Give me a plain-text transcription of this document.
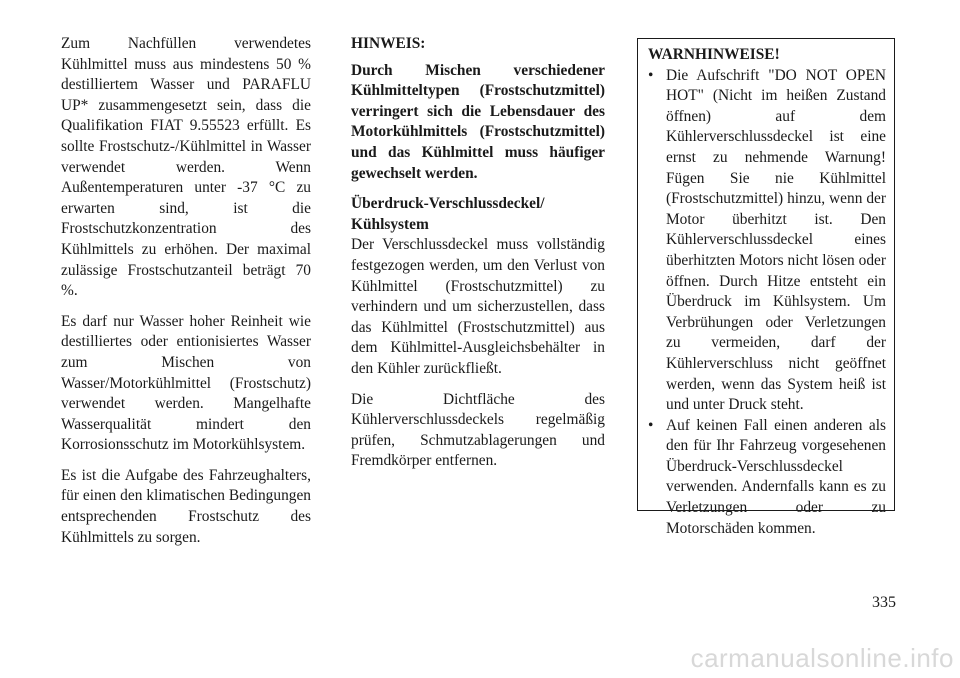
Zum Nachfüllen verwendetes Kühlmittel muss aus mindestens 50 % destilliertem Wasser und PARAFLU UP* zusammengesetzt sein, dass die Qualifikation FIAT 9.55523 erfüllt. Es sollte Frostschutz-/Kühlmittel in Wasser verwendet werden. Wenn Außentemperaturen unter -37 °C zu erwarten sind, ist die Frostschutzkonzentration des Kühlmittels zu erhöhen. Der maximal zulässige Frostschutzanteil beträgt 70 %.

Es darf nur Wasser hoher Reinheit wie destilliertes oder entionisiertes Wasser zum Mischen von Wasser/Motorkühlmittel (Frostschutz) verwendet werden. Mangelhafte Wasserqualität mindert den Korrosionsschutz im Motorkühlsystem.

Es ist die Aufgabe des Fahrzeughalters, für einen den klimatischen Bedingungen entsprechenden Frostschutz des Kühlmittels zu sorgen.

HINWEIS:

Durch Mischen verschiedener Kühlmitteltypen (Frostschutzmittel) verringert sich die Lebensdauer des Motorkühlmittels (Frostschutzmittel) und das Kühlmittel muss häufiger gewechselt werden.

Überdruck-Verschlussdeckel/ Kühlsystem

Der Verschlussdeckel muss vollständig festgezogen werden, um den Verlust von Kühlmittel (Frostschutzmittel) zu verhindern und um sicherzustellen, dass das Kühlmittel (Frostschutzmittel) aus dem Kühlmittel-Ausgleichsbehälter in den Kühler zurückfließt.

Die Dichtfläche des Kühlerverschlussdeckels regelmäßig prüfen, Schmutzablagerungen und Fremdkörper entfernen.

WARNHINWEISE!

• Die Aufschrift "DO NOT OPEN HOT" (Nicht im heißen Zustand öffnen) auf dem Kühlerverschlussdeckel ist eine ernst zu nehmende Warnung! Fügen Sie nie Kühlmittel (Frostschutzmittel) hinzu, wenn der Motor überhitzt ist. Den Kühlerverschlussdeckel eines überhitzten Motors nicht lösen oder öffnen. Durch Hitze entsteht ein Überdruck im Kühlsystem. Um Verbrühungen oder Verletzungen zu vermeiden, darf der Kühlerverschluss nicht geöffnet werden, wenn das System heiß ist und unter Druck steht.
• Auf keinen Fall einen anderen als den für Ihr Fahrzeug vorgesehenen Überdruck-Verschlussdeckel verwenden. Andernfalls kann es zu Verletzungen oder zu Motorschäden kommen.
335
carmanualsonline.info
